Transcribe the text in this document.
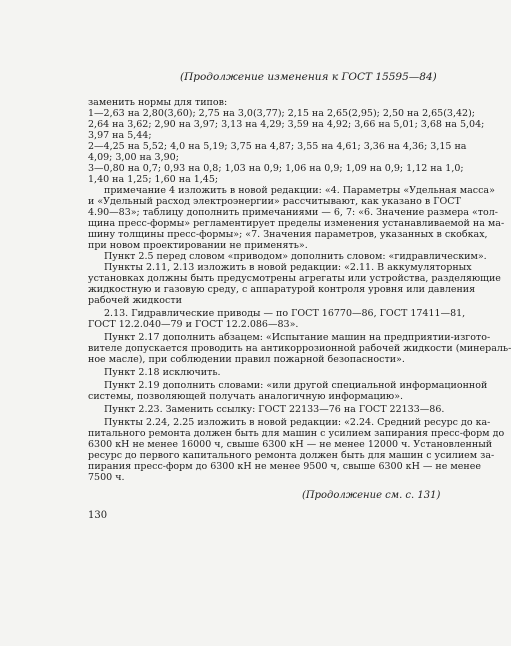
(Продолжение изменения к ГОСТ 15595—84)
заменить нормы для типов:
1—2,63 на 2,80(3,60); 2,75 на 3,0(3,77); 2,15 на 2,65(2,95); 2,50 на 2,65(3,42);
2,64 на 3,62; 2,90 на 3,97; 3,13 на 4,29; 3,59 на 4,92; 3,66 на 5,01; 3,68 на 5,04;
3,97 на 5,44;
2—4,25 на 5,52; 4,0 на 5,19; 3,75 на 4,87; 3,55 на 4,61; 3,36 на 4,36; 3,15 на
4,09; 3,00 на 3,90;
3—0,80 на 0,7; 0,93 на 0,8; 1,03 на 0,9; 1,06 на 0,9; 1,09 на 0,9; 1,12 на 1,0;
1,40 на 1,25; 1,60 на 1,45;
примечание 4 изложить в новой редакции: «4. Параметры «Удельная масса»
и «Удельный расход электроэнергии» рассчитывают, как указано в ГОСТ
4.90—83»; таблицу дополнить примечаниями — 6, 7: «6. Значение размера «тол-
щина пресс-формы» регламентирует пределы изменения устанавливаемой на ма-
шину толщины пресс-формы»; «7. Значения параметров, указанных в скобках,
при новом проектировании не применять».
Пункт 2.5 перед словом «приводом» дополнить словом: «гидравлическим».
Пункты 2.11, 2.13 изложить в новой редакции: «2.11. В аккумуляторных
установках должны быть предусмотрены агрегаты или устройства, разделяющие
жидкостную и газовую среду, с аппаратурой контроля уровня или давления
рабочей жидкости
2.13. Гидравлические приводы — по ГОСТ 16770—86, ГОСТ 17411—81,
ГОСТ 12.2.040—79 и ГОСТ 12.2.086—83».
Пункт 2.17 дополнить абзацем: «Испытание машин на предприятии-изгото-
вителе допускается проводить на антикоррозионной рабочей жидкости (минераль-
ное масле), при соблюдении правил пожарной безопасности».
Пункт 2.18 исключить.
Пункт 2.19 дополнить словами: «или другой специальной информационной
системы, позволяющей получать аналогичную информацию».
Пункт 2.23. Заменить ссылку: ГОСТ 22133—76 на ГОСТ 22133—86.
Пункты 2.24, 2.25 изложить в новой редакции: «2.24. Средний ресурс до ка-
питального ремонта должен быть для машин с усилием запирания пресс-форм до
6300 кН не менее 16000 ч, свыше 6300 кН — не менее 12000 ч. Установленный
ресурс до первого капитального ремонта должен быть для машин с усилием за-
пирания пресс-форм до 6300 кН не менее 9500 ч, свыше 6300 кН — не менее
7500 ч.
(Продолжение см. с. 131)
130
